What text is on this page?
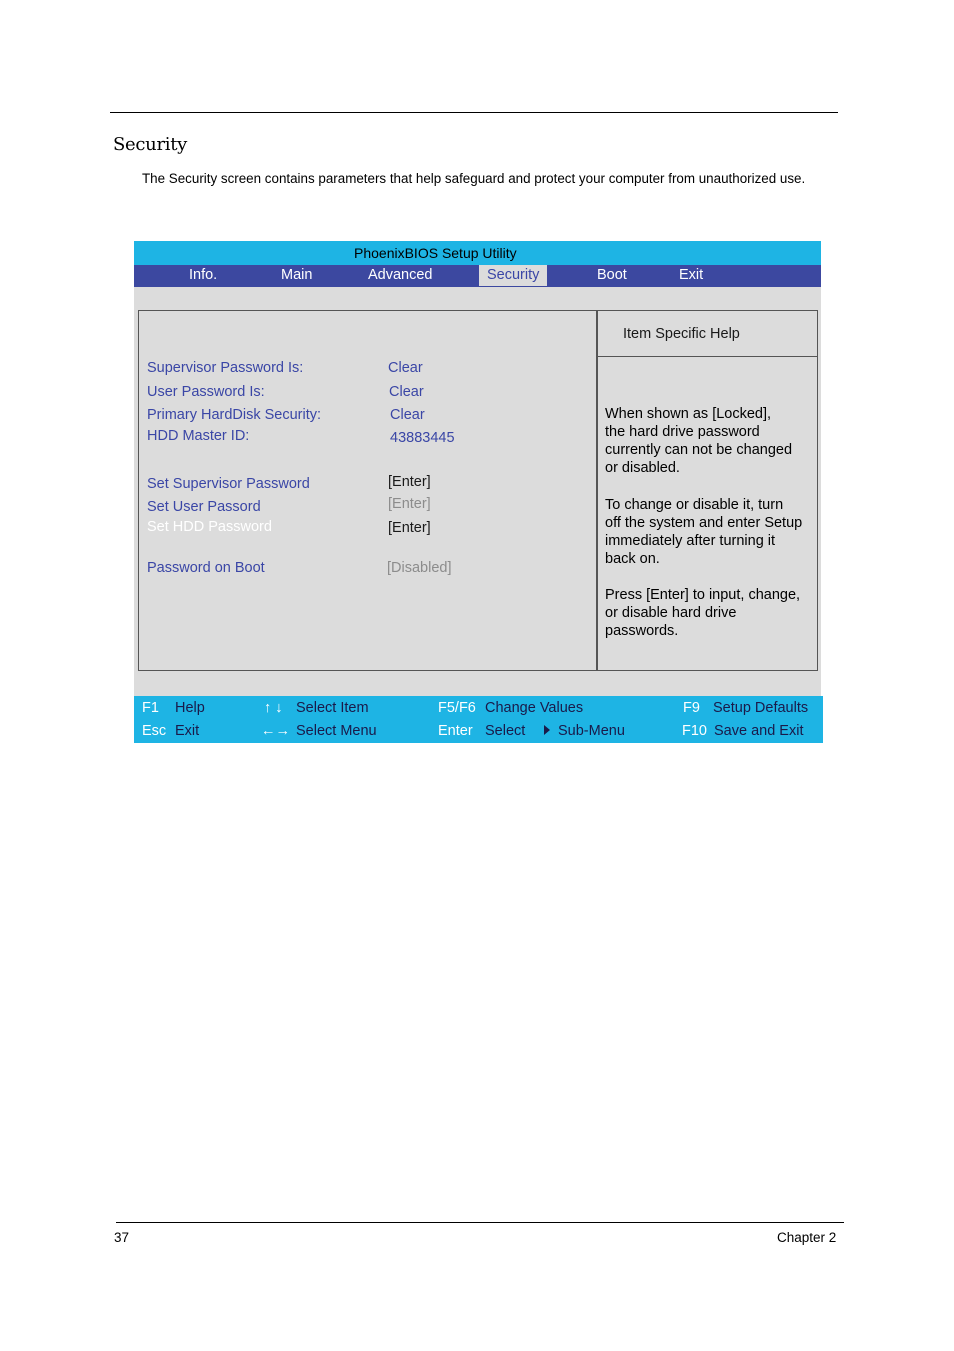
Security
The Security screen contains parameters that help safeguard and protect your computer from unauthorized use.
PhoenixBIOS Setup Utility
Info.	Main	Advanced	Security	Boot	Exit
Supervisor Password Is:	Clear
User Password Is:	Clear
Primary HardDisk Security:	Clear
HDD Master ID:	43883445
Set Supervisor Password	[Enter]
Set User Passord	[Enter]
Set HDD Password	[Enter]
Password on Boot	[Disabled]
Item Specific Help
When shown as [Locked],
the hard drive password
currently can not be changed
or disabled.
To change or disable it, turn
off the system and enter Setup
immediately after turning it
back on.
Press [Enter] to input, change,
or disable hard drive
passwords.
F1 Help	↑ ↓ Select Item	F5/F6 Change Values	F9 Setup Defaults
Esc Exit	←→ Select Menu	Enter Select	Sub-Menu	F10 Save and Exit
37	Chapter 2
